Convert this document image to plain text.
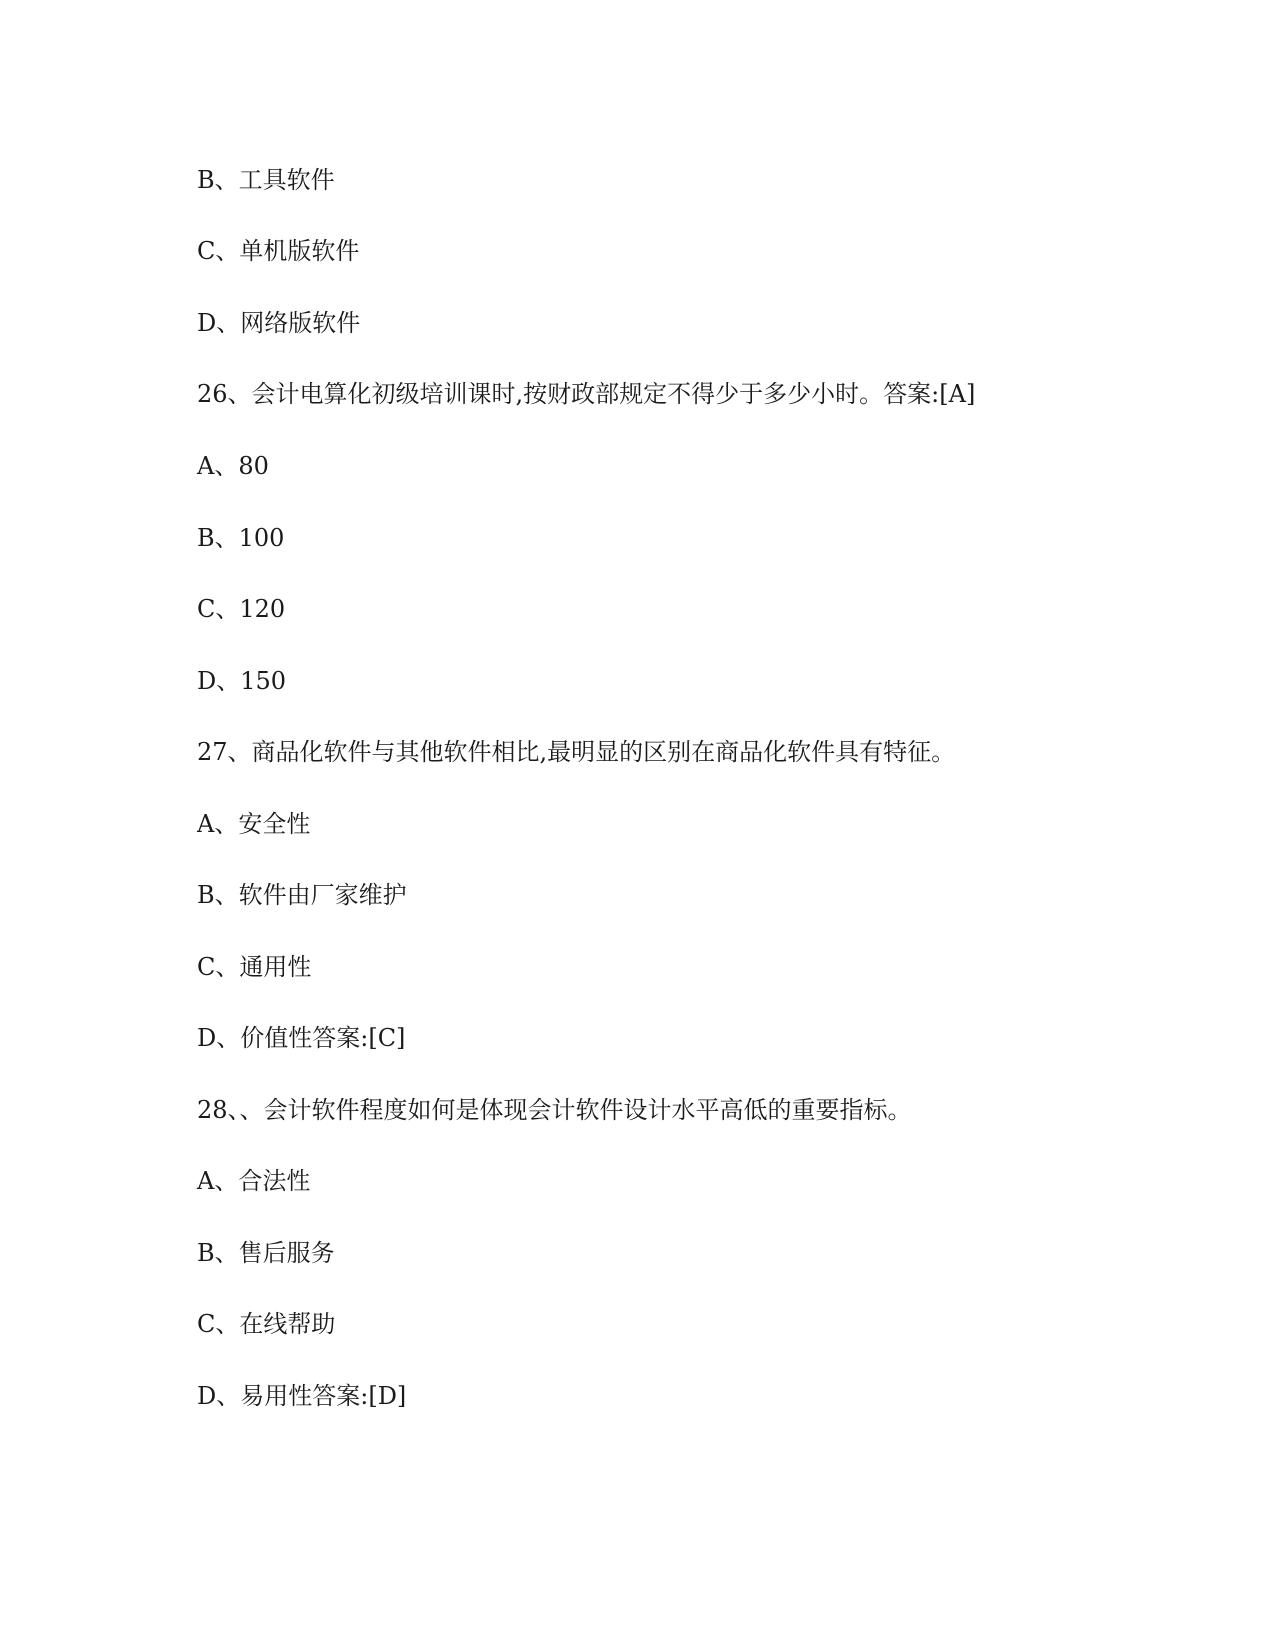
B、工具软件
C、单机版软件
D、网络版软件
26、会计电算化初级培训课时,按财政部规定不得少于多少小时。答案:[A]
A、80
B、100
C、120
D、150
27、商品化软件与其他软件相比,最明显的区别在商品化软件具有特征。
A、安全性
B、软件由厂家维护
C、通用性
D、价值性答案:[C]
28、、会计软件程度如何是体现会计软件设计水平高低的重要指标。
A、合法性
B、售后服务
C、在线帮助
D、易用性答案:[D]
